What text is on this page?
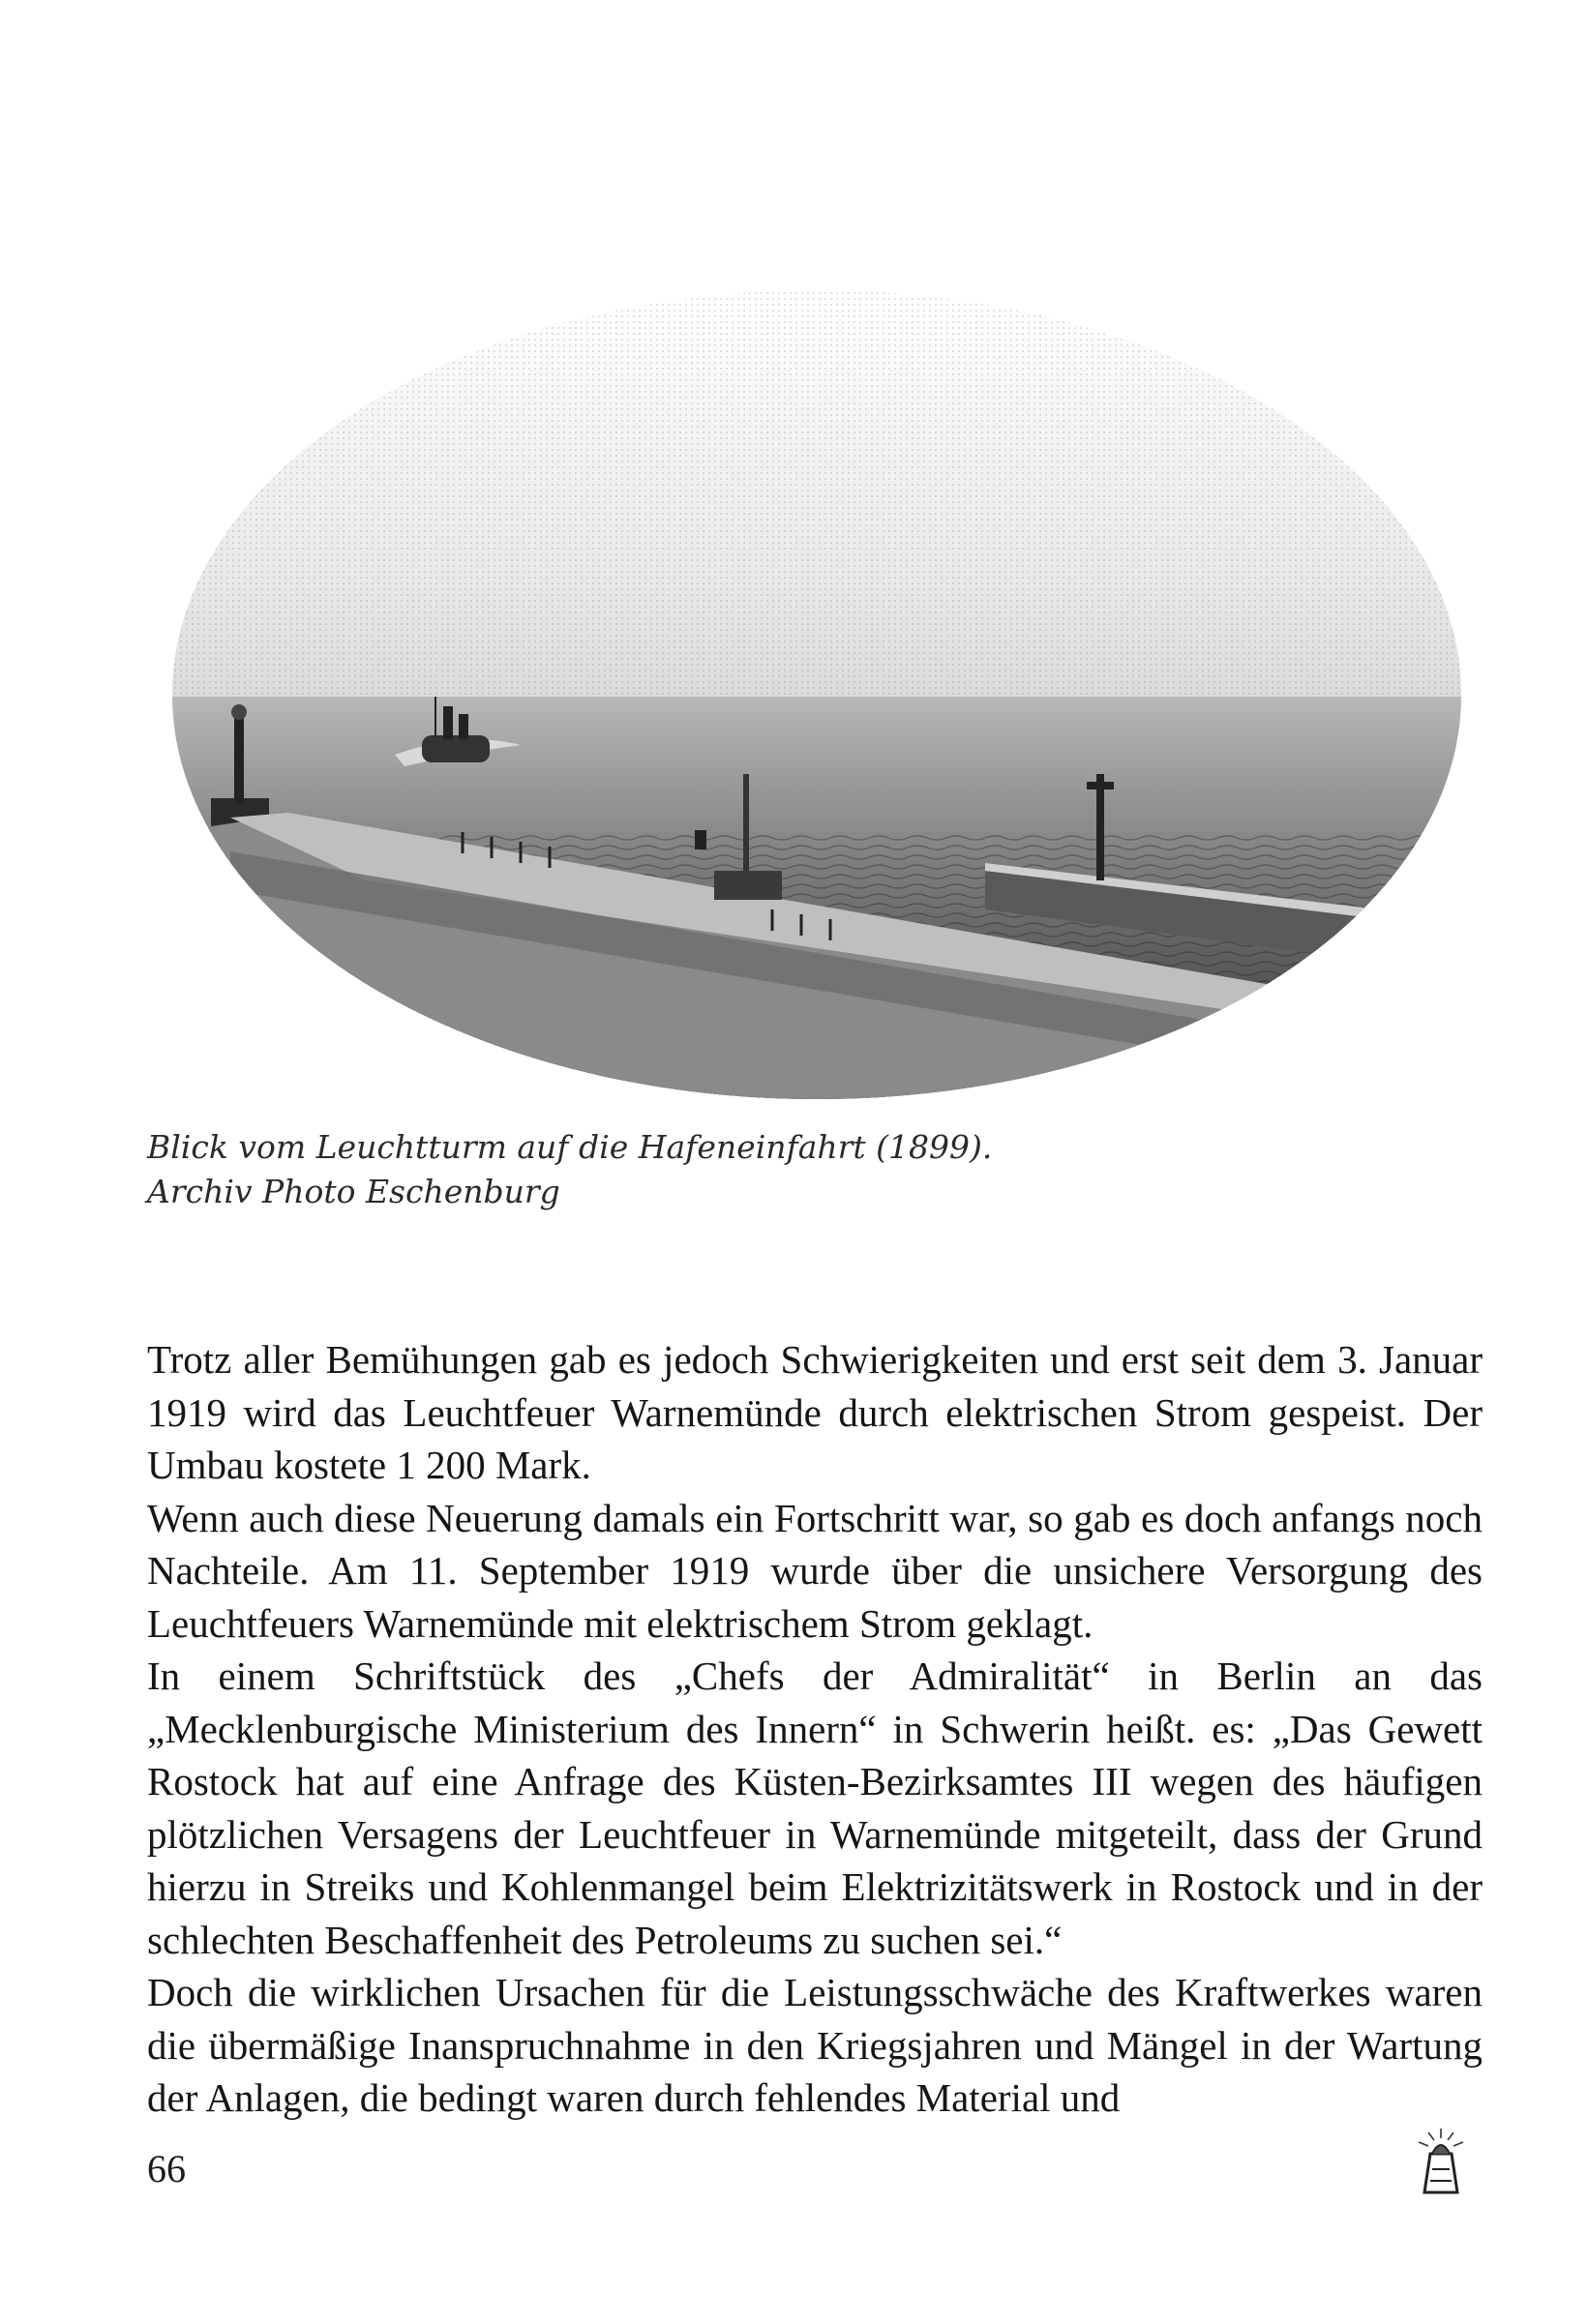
Blick vom Leuchtturm auf die Hafeneinfahrt (1899).
Archiv Photo Eschenburg

Trotz aller Bemühungen gab es jedoch Schwierigkeiten und erst seit dem 3. Januar 1919 wird das Leuchtfeuer Warnemünde durch elektrischen Strom gespeist. Der Umbau kostete 1 200 Mark.

Wenn auch diese Neuerung damals ein Fortschritt war, so gab es doch anfangs noch Nachteile. Am 11. September 1919 wurde über die unsichere Versorgung des Leuchtfeuers Warnemünde mit elektrischem Strom geklagt.

In einem Schriftstück des „Chefs der Admiralität“ in Berlin an das „Mecklenburgische Ministerium des Innern“ in Schwerin heißt. es: „Das Gewett Rostock hat auf eine Anfrage des Küsten-Bezirksamtes III wegen des häufigen plötzlichen Versagens der Leuchtfeuer in Warnemünde mitgeteilt, dass der Grund hierzu in Streiks und Kohlenmangel beim Elektrizitätswerk in Rostock und in der schlechten Beschaffenheit des Petroleums zu suchen sei.“

Doch die wirklichen Ursachen für die Leistungsschwäche des Kraftwerkes waren die übermäßige Inanspruchnahme in den Kriegsjahren und Mängel in der Wartung der Anlagen, die bedingt waren durch fehlendes Material und

66
